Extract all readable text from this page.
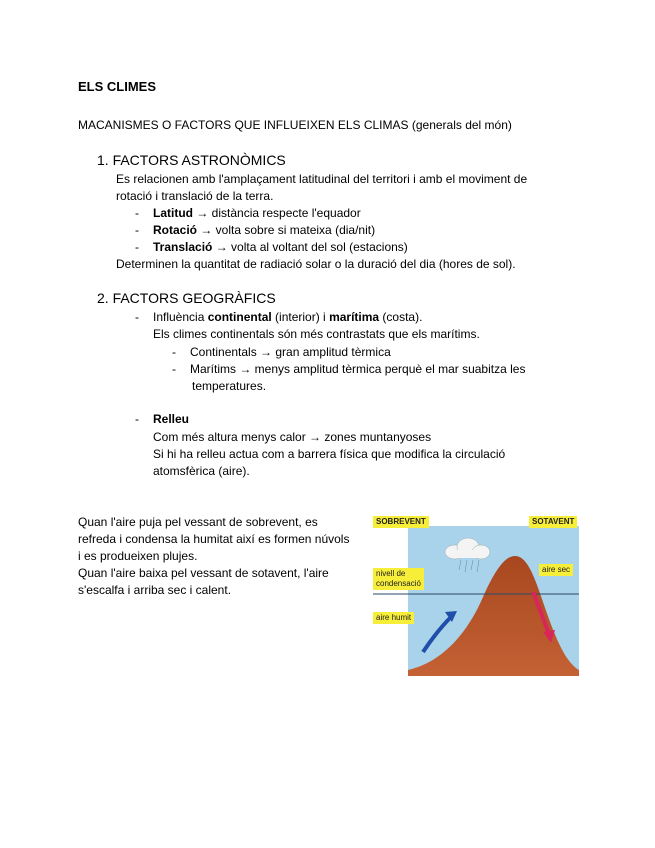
ELS CLIMES
MACANISMES O FACTORS QUE INFLUEIXEN ELS CLIMAS (generals del món)
1. FACTORS ASTRONÒMICS
Es relacionen amb l'amplaçament latitudinal del territori i amb el moviment de
rotació i translació de la terra.
- Latitud → distància respecte l'equador
- Rotació → volta sobre si mateixa (dia/nit)
- Translació → volta al voltant del sol (estacions)
Determinen la quantitat de radiació solar o la duració del dia (hores de sol).
2. FACTORS GEOGRÀFICS
- Influència continental (interior) i marítima (costa).
Els climes continentals són més contrastats que els marítims.
- Continentals → gran amplitud tèrmica
- Marítims → menys amplitud tèrmica perquè el mar suabitza les
temperatures.
- Relleu
Com més altura menys calor → zones muntanyoses
Si hi ha relleu actua com a barrera física que modifica la circulació
atomsfèrica (aire).
Quan l'aire puja pel vessant de sobrevent, es
refreda i condensa la humitat així es formen núvols
i es produeixen plujes.
Quan l'aire baixa pel vessant de sotavent, l'aire
s'escalfa i arriba sec i calent.
SOBREVENT	SOTAVENT
nivell de
condensació
aire humit
aire sec
